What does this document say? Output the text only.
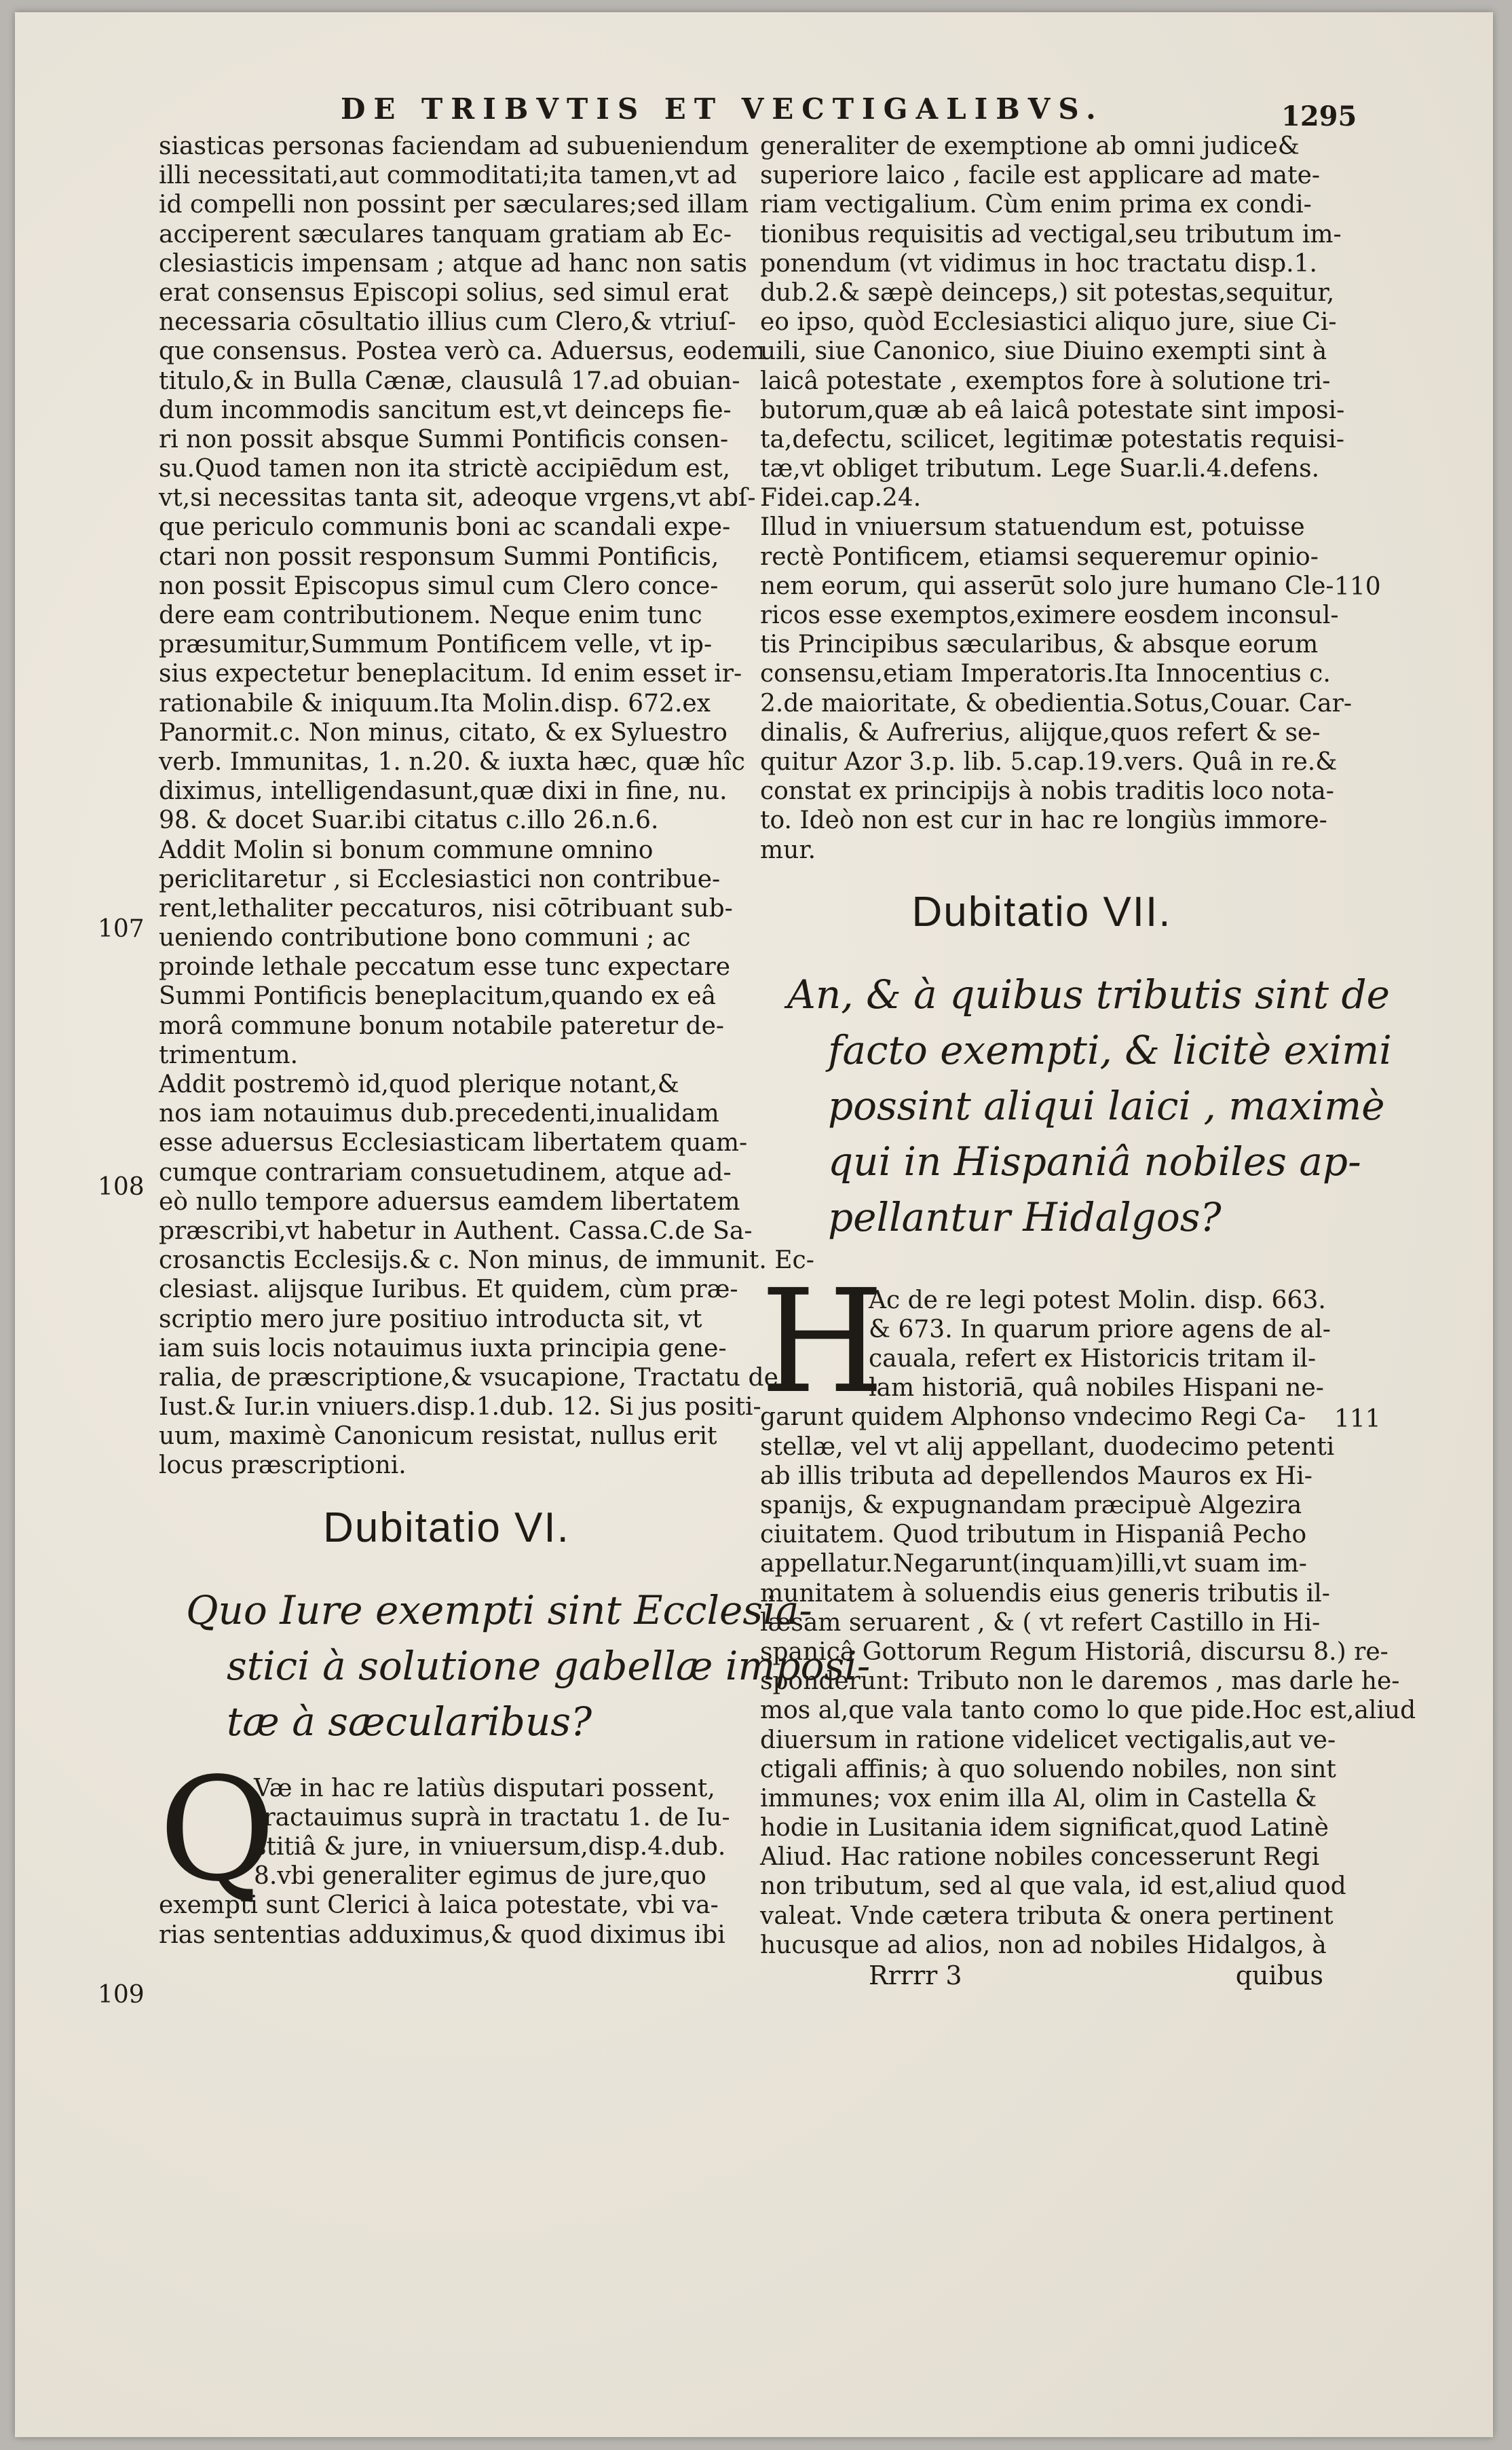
DE TRIBVTIS ET VECTIGALIBVS.	1295
107
108
109
110
111
siasticas personas faciendam ad subueniendum
illi necessitati,aut commoditati;ita tamen,vt ad
id compelli non possint per sæculares;sed illam
acciperent sæculares tanquam gratiam ab Ec-
clesiasticis impensam ; atque ad hanc non satis
erat consensus Episcopi solius, sed simul erat
necessaria cōsultatio illius cum Clero,& vtriuſ-
que consensus. Postea verò ca. Aduersus, eodem
titulo,& in Bulla Cænæ, clausulâ 17.ad obuian-
dum incommodis sancitum est,vt deinceps fie-
ri non possit absque Summi Pontificis consen-
su.Quod tamen non ita strictè accipiēdum est,
vt,si necessitas tanta sit, adeoque vrgens,vt abſ-
que periculo communis boni ac scandali expe-
ctari non possit responsum Summi Pontificis,
non possit Episcopus simul cum Clero conce-
dere eam contributionem. Neque enim tunc
præsumitur,Summum Pontificem velle, vt ip-
sius expectetur beneplacitum. Id enim esset ir-
rationabile & iniquum.Ita Molin.disp. 672.ex
Panormit.c. Non minus, citato, & ex Syluestro
verb. Immunitas, 1. n.20. & iuxta hæc, quæ hîc
diximus, intelligendasunt,quæ dixi in fine, nu.
98. & docet Suar.ibi citatus c.illo 26.n.6.
Addit Molin si bonum commune omnino
periclitaretur , si Ecclesiastici non contribue-
rent,lethaliter peccaturos, nisi cōtribuant sub-
ueniendo contributione bono communi ; ac
proinde lethale peccatum esse tunc expectare
Summi Pontificis beneplacitum,quando ex eâ
morâ commune bonum notabile pateretur de-
trimentum.
Addit postremò id,quod plerique notant,&
nos iam notauimus dub.precedenti,inualidam
esse aduersus Ecclesiasticam libertatem quam-
cumque contrariam consuetudinem, atque ad-
eò nullo tempore aduersus eamdem libertatem
præscribi,vt habetur in Authent. Cassa.C.de Sa-
crosanctis Ecclesijs.& c. Non minus, de immunit. Ec-
clesiast. alijsque Iuribus. Et quidem, cùm præ-
scriptio mero jure positiuo introducta sit, vt
iam suis locis notauimus iuxta principia gene-
ralia, de præscriptione,& vsucapione, Tractatu de
Iust.& Iur.in vniuers.disp.1.dub. 12. Si jus positi-
uum, maximè Canonicum resistat, nullus erit
locus præscriptioni.
Dubitatio VI.
Quo Iure exempti sint Ecclesia-
stici à solutione gabellæ imposi-
tæ à sæcularibus?
Q
Væ in hac re latiùs disputari possent,
tractauimus suprà in tractatu 1. de Iu-
stitiâ & jure, in vniuersum,disp.4.dub.
8.vbi generaliter egimus de jure,quo
exempti sunt Clerici à laica potestate, vbi va-
rias sententias adduximus,& quod diximus ibi
generaliter de exemptione ab omni judice&
superiore laico , facile est applicare ad mate-
riam vectigalium. Cùm enim prima ex condi-
tionibus requisitis ad vectigal,seu tributum im-
ponendum (vt vidimus in hoc tractatu disp.1.
dub.2.& sæpè deinceps,) sit potestas,sequitur,
eo ipso, quòd Ecclesiastici aliquo jure, siue Ci-
uili, siue Canonico, siue Diuino exempti sint à
laicâ potestate , exemptos fore à solutione tri-
butorum,quæ ab eâ laicâ potestate sint imposi-
ta,defectu, scilicet, legitimæ potestatis requisi-
tæ,vt obliget tributum. Lege Suar.li.4.defens.
Fidei.cap.24.
Illud in vniuersum statuendum est, potuisse
rectè Pontificem, etiamsi sequeremur opinio-
nem eorum, qui asserūt solo jure humano Cle-
ricos esse exemptos,eximere eosdem inconsul-
tis Principibus sæcularibus, & absque eorum
consensu,etiam Imperatoris.Ita Innocentius c.
2.de maioritate, & obedientia.Sotus,Couar. Car-
dinalis, & Aufrerius, alijque,quos refert & se-
quitur Azor 3.p. lib. 5.cap.19.vers. Quâ in re.&
constat ex principijs à nobis traditis loco nota-
to. Ideò non est cur in hac re longiùs immore-
mur.
Dubitatio VII.
An, & à quibus tributis sint de
facto exempti, & licitè eximi
possint aliqui laici , maximè
qui in Hispaniâ nobiles ap-
pellantur Hidalgos?
H
Ac de re legi potest Molin. disp. 663.
& 673. In quarum priore agens de al-
cauala, refert ex Historicis tritam il-
lam historiā, quâ nobiles Hispani ne-
garunt quidem Alphonso vndecimo Regi Ca-
stellæ, vel vt alij appellant, duodecimo petenti
ab illis tributa ad depellendos Mauros ex Hi-
spanijs, & expugnandam præcipuè Algezira
ciuitatem. Quod tributum in Hispaniâ Pecho
appellatur.Negarunt(inquam)illi,vt suam im-
munitatem à soluendis eius generis tributis il-
læsam seruarent , & ( vt refert Castillo in Hi-
spanicâ Gottorum Regum Historiâ, discursu 8.) re-
sponderunt: Tributo non le daremos , mas darle he-
mos al,que vala tanto como lo que pide.Hoc est,aliud
diuersum in ratione videlicet vectigalis,aut ve-
ctigali affinis; à quo soluendo nobiles, non sint
immunes; vox enim illa Al, olim in Castella &
hodie in Lusitania idem significat,quod Latinè
Aliud. Hac ratione nobiles concesserunt Regi
non tributum, sed al que vala, id est,aliud quod
valeat. Vnde cætera tributa & onera pertinent
hucusque ad alios, non ad nobiles Hidalgos, à
Rrrrr 3	quibus
